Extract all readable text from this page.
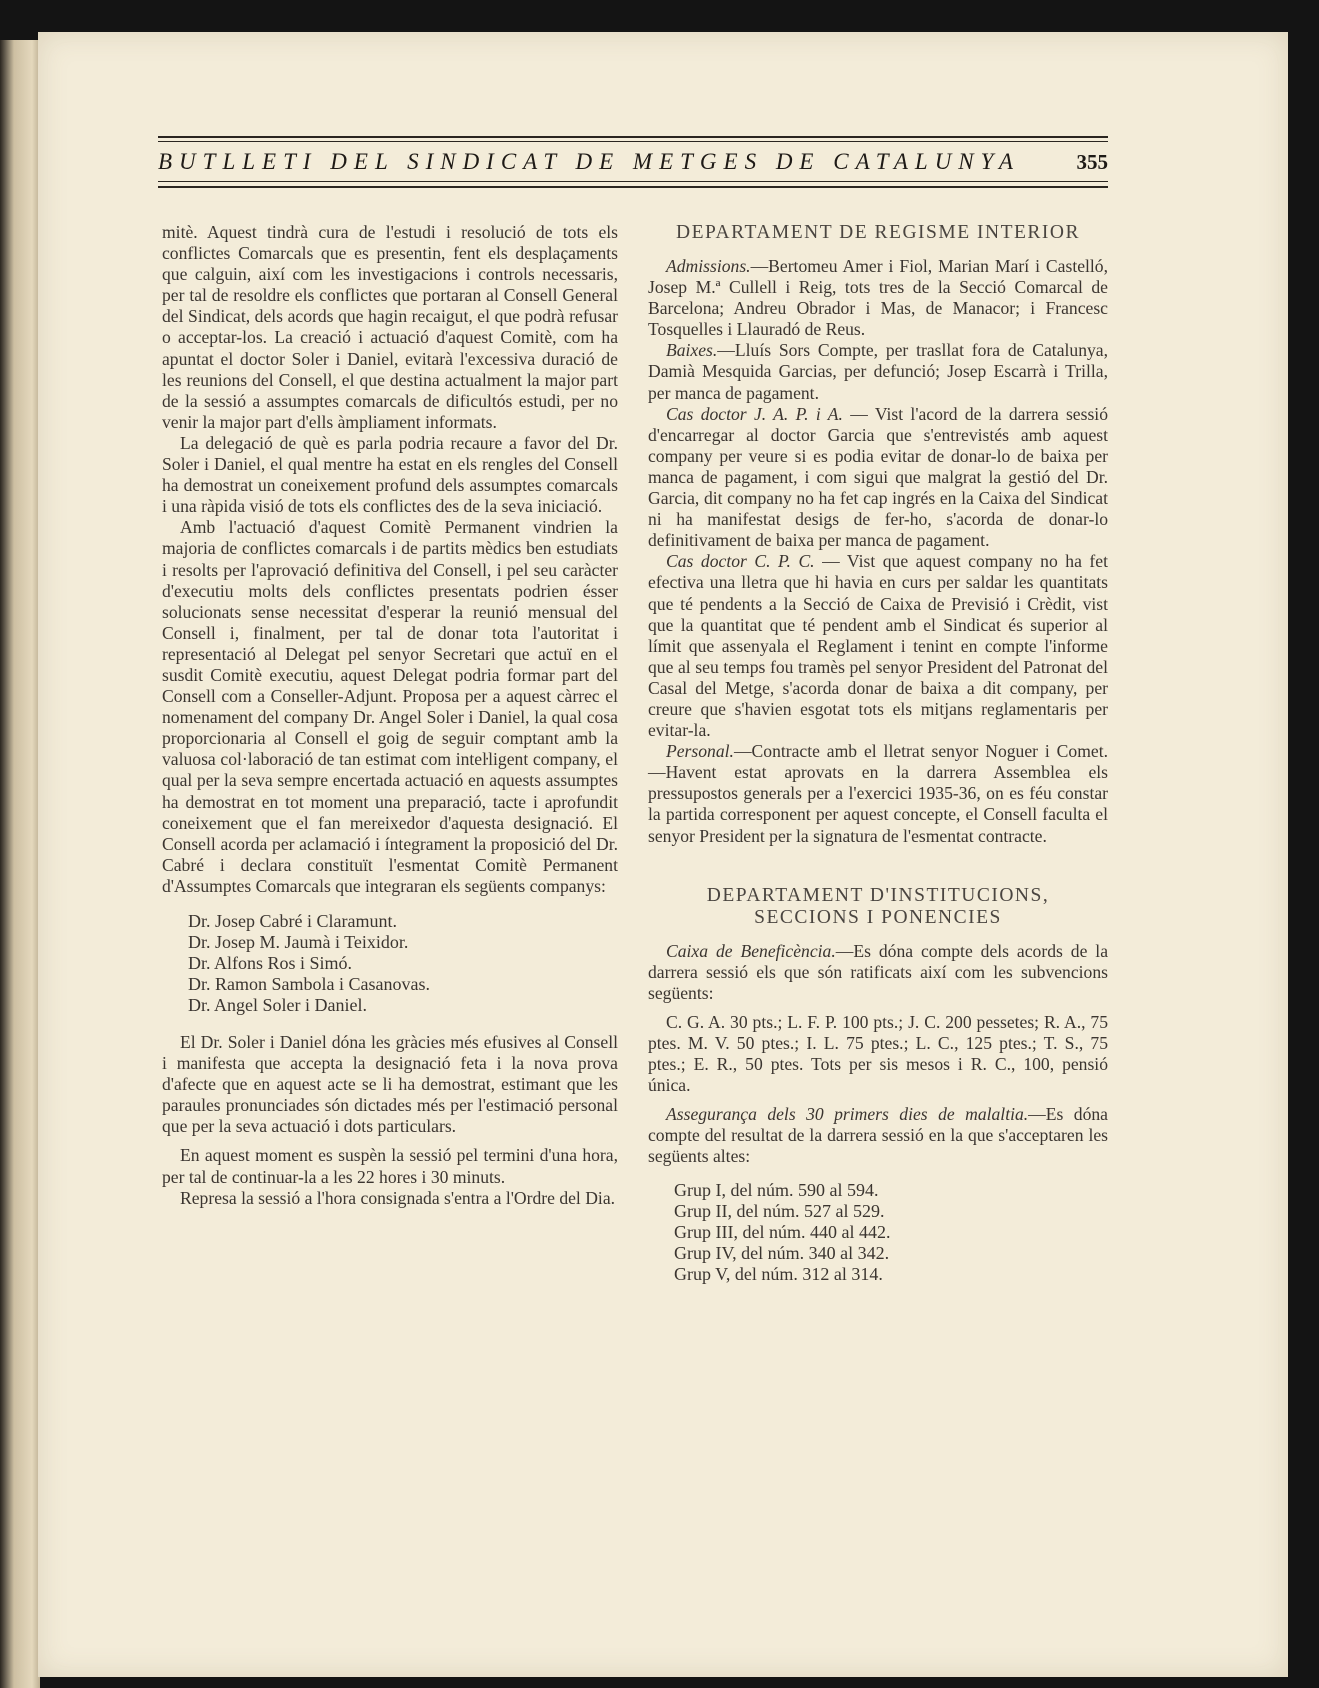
BUTLLETI DEL SINDICAT DE METGES DE CATALUNYA	355

mitè. Aquest tindrà cura de l'estudi i resolució de tots els conflictes Comarcals que es presentin, fent els desplaçaments que calguin, així com les investigacions i controls necessaris, per tal de resoldre els conflictes que portaran al Consell General del Sindicat, dels acords que hagin recaigut, el que podrà refusar o acceptar-los. La creació i actuació d'aquest Comitè, com ha apuntat el doctor Soler i Daniel, evitarà l'excessiva duració de les reunions del Consell, el que destina actualment la major part de la sessió a assumptes comarcals de dificultós estudi, per no venir la major part d'ells àmpliament informats.

La delegació de què es parla podria recaure a favor del Dr. Soler i Daniel, el qual mentre ha estat en els rengles del Consell ha demostrat un coneixement profund dels assumptes comarcals i una ràpida visió de tots els conflictes des de la seva iniciació.

Amb l'actuació d'aquest Comitè Permanent vindrien la majoria de conflictes comarcals i de partits mèdics ben estudiats i resolts per l'aprovació definitiva del Consell, i pel seu caràcter d'executiu molts dels conflictes presentats podrien ésser solucionats sense necessitat d'esperar la reunió mensual del Consell i, finalment, per tal de donar tota l'autoritat i representació al Delegat pel senyor Secretari que actuï en el susdit Comitè executiu, aquest Delegat podria formar part del Consell com a Conseller-Adjunt. Proposa per a aquest càrrec el nomenament del company Dr. Angel Soler i Daniel, la qual cosa proporcionaria al Consell el goig de seguir comptant amb la valuosa col·laboració de tan estimat com inteŀligent company, el qual per la seva sempre encertada actuació en aquests assumptes ha demostrat en tot moment una preparació, tacte i aprofundit coneixement que el fan mereixedor d'aquesta designació. El Consell acorda per aclamació i íntegrament la proposició del Dr. Cabré i declara constituït l'esmentat Comitè Permanent d'Assumptes Comarcals que integraran els següents companys:

Dr. Josep Cabré i Claramunt.
Dr. Josep M. Jaumà i Teixidor.
Dr. Alfons Ros i Simó.
Dr. Ramon Sambola i Casanovas.
Dr. Angel Soler i Daniel.

El Dr. Soler i Daniel dóna les gràcies més efusives al Consell i manifesta que accepta la designació feta i la nova prova d'afecte que en aquest acte se li ha demostrat, estimant que les paraules pronunciades són dictades més per l'estimació personal que per la seva actuació i dots particulars.

En aquest moment es suspèn la sessió pel termini d'una hora, per tal de continuar-la a les 22 hores i 30 minuts.

Represa la sessió a l'hora consignada s'entra a l'Ordre del Dia.

DEPARTAMENT DE REGISME INTERIOR

Admissions.—Bertomeu Amer i Fiol, Marian Marí i Castelló, Josep M.ª Cullell i Reig, tots tres de la Secció Comarcal de Barcelona; Andreu Obrador i Mas, de Manacor; i Francesc Tosquelles i Llauradó de Reus.

Baixes.—Lluís Sors Compte, per trasllat fora de Catalunya, Damià Mesquida Garcias, per defunció; Josep Escarrà i Trilla, per manca de pagament.

Cas doctor J. A. P. i A. — Vist l'acord de la darrera sessió d'encarregar al doctor Garcia que s'entrevistés amb aquest company per veure si es podia evitar de donar-lo de baixa per manca de pagament, i com sigui que malgrat la gestió del Dr. Garcia, dit company no ha fet cap ingrés en la Caixa del Sindicat ni ha manifestat desigs de fer-ho, s'acorda de donar-lo definitivament de baixa per manca de pagament.

Cas doctor C. P. C. — Vist que aquest company no ha fet efectiva una lletra que hi havia en curs per saldar les quantitats que té pendents a la Secció de Caixa de Previsió i Crèdit, vist que la quantitat que té pendent amb el Sindicat és superior al límit que assenyala el Reglament i tenint en compte l'informe que al seu temps fou tramès pel senyor President del Patronat del Casal del Metge, s'acorda donar de baixa a dit company, per creure que s'havien esgotat tots els mitjans reglamentaris per evitar-la.

Personal.—Contracte amb el lletrat senyor Noguer i Comet.—Havent estat aprovats en la darrera Assemblea els pressupostos generals per a l'exercici 1935-36, on es féu constar la partida corresponent per aquest concepte, el Consell faculta el senyor President per la signatura de l'esmentat contracte.

DEPARTAMENT D'INSTITUCIONS,
SECCIONS I PONENCIES

Caixa de Beneficència.—Es dóna compte dels acords de la darrera sessió els que són ratificats així com les subvencions següents:

C. G. A. 30 pts.; L. F. P. 100 pts.; J. C. 200 pessetes; R. A., 75 ptes. M. V. 50 ptes.; I. L. 75 ptes.; L. C., 125 ptes.; T. S., 75 ptes.; E. R., 50 ptes. Tots per sis mesos i R. C., 100, pensió única.

Assegurança dels 30 primers dies de malaltia.—Es dóna compte del resultat de la darrera sessió en la que s'acceptaren les següents altes:

Grup I, del núm. 590 al 594.
Grup II, del núm. 527 al 529.
Grup III, del núm. 440 al 442.
Grup IV, del núm. 340 al 342.
Grup V, del núm. 312 al 314.
